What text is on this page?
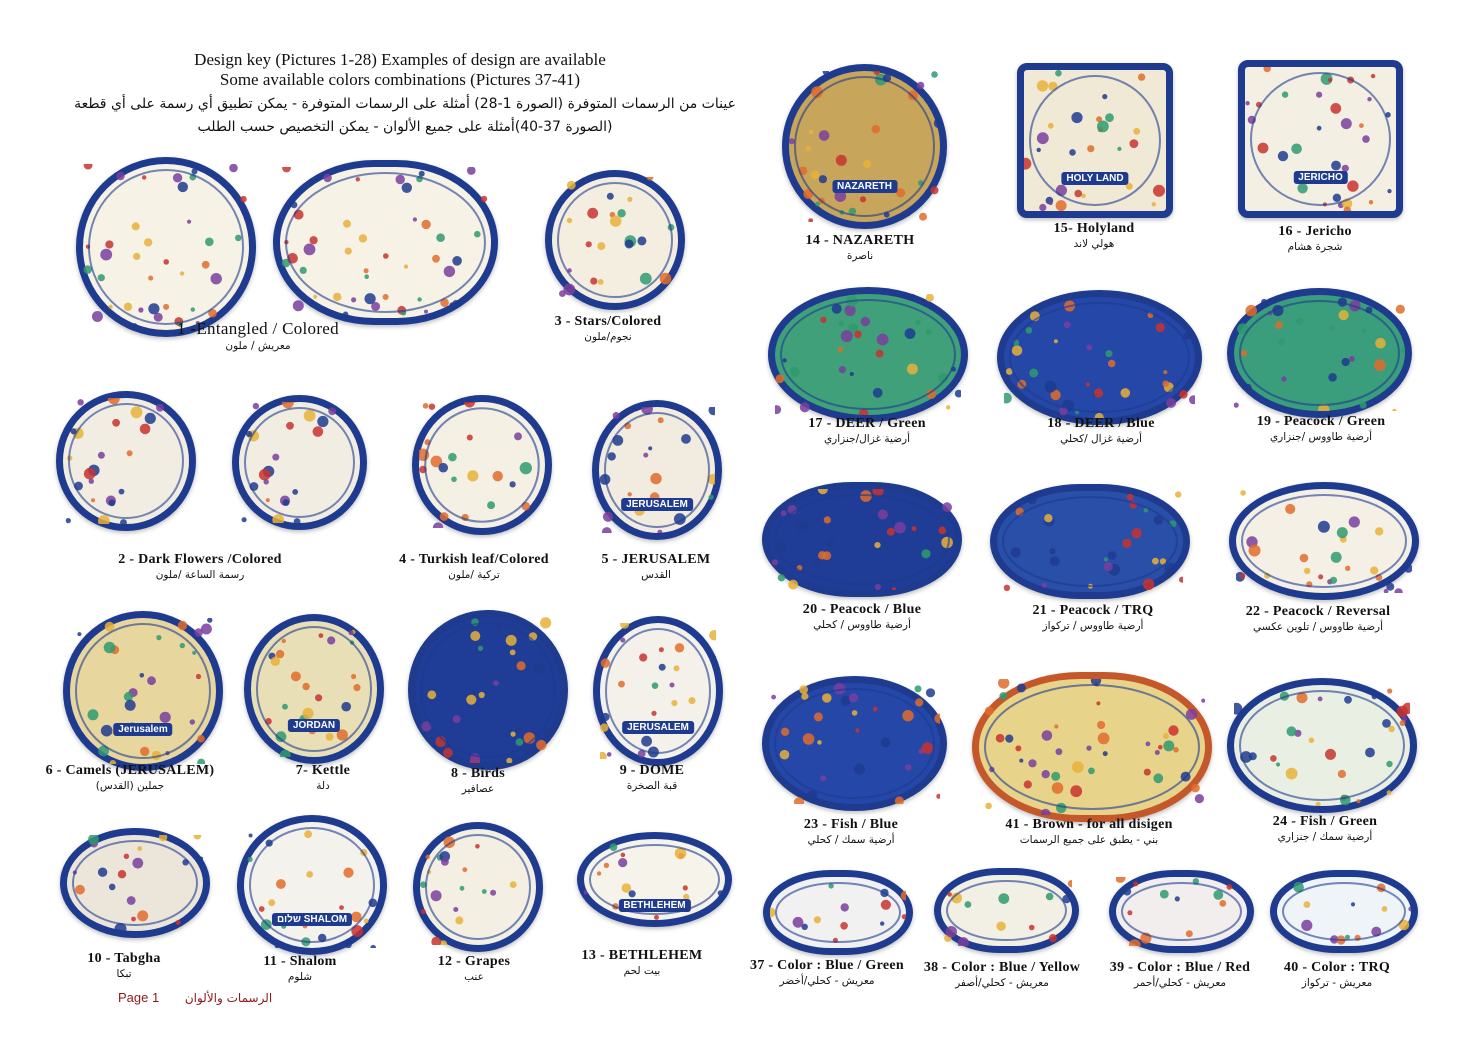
Design key (Pictures 1-28) Examples of design are available
Some available colors combinations (Pictures 37-41)
عينات من الرسمات المتوفرة (الصورة 1-28) أمثلة على الرسمات المتوفرة - يمكن تطبيق أي رسمة على أي قطعة
(الصورة 37-40)أمثلة على جميع الألوان - يمكن التخصيص حسب الطلب
1 -Entangled / Colored
معريش / ملون
3 - Stars/Colored
نجوم/ملون
2 - Dark Flowers /Colored
رسمة الساعة /ملون
4 - Turkish leaf/Colored
تركية /ملون
JERUSALEM
5 - JERUSALEM
القدس
Jerusalem
6 - Camels (JERUSALEM)
جملين (القدس)
JORDAN
7- Kettle
دلة
8 - Birds
عصافير
JERUSALEM
9 - DOME
قبة الصخرة
10 - Tabgha
تبكا
שלום SHALOM
11 - Shalom
شلوم
12 - Grapes
عنب
BETHLEHEM
13 - BETHLEHEM
بيت لحم
NAZARETH
14 - NAZARETH
ناصرة
HOLY LAND
15- Holyland
هولي لاند
JERICHO
16 - Jericho
شجرة هشام
17 - DEER / Green
أرضية غزال/جنزاري
18 - DEER / Blue
أرضية غزال /كحلي
19 - Peacock / Green
أرضية طاووس /جنزاري
20 - Peacock / Blue
أرضية طاووس / كحلي
21 - Peacock / TRQ
أرضية طاووس / تركواز
22 - Peacock / Reversal
أرضية طاووس / تلوين عكسي
23 - Fish / Blue
أرضية سمك / كحلي
41 - Brown - for all disigen
بني - يطبق على جميع الرسمات
24 - Fish / Green
أرضية سمك / جنزاري
37 - Color : Blue / Green
معريش - كحلي/أخضر
38 - Color : Blue / Yellow
معريش - كحلي/أصفر
39 - Color : Blue / Red
معريش - كحلي/أحمر
40 - Color : TRQ
معريش - تركواز
Page 1 الرسمات والألوان
